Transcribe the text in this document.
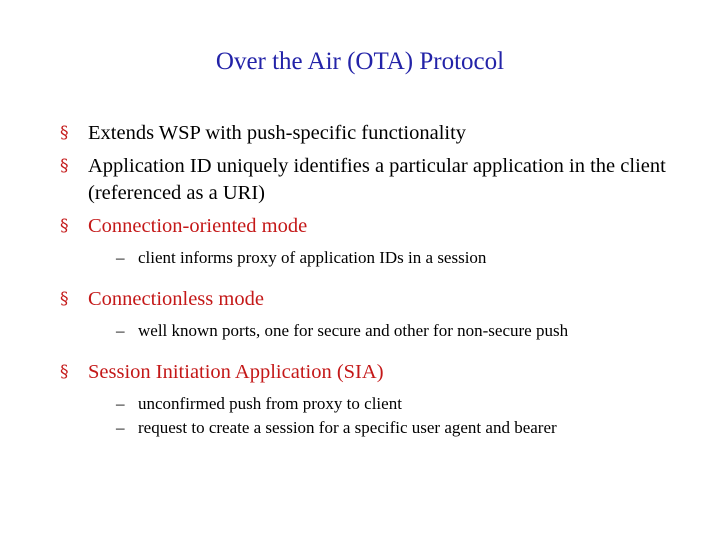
Over the Air (OTA) Protocol
§ Extends WSP with push-specific functionality
§ Application ID uniquely identifies a particular application in the client (referenced as a URI)
§ Connection-oriented mode
– client informs proxy of application IDs in a session
§ Connectionless mode
– well known ports, one for secure and other for non-secure push
§ Session Initiation Application (SIA)
– unconfirmed push from proxy to client
– request to create a session for a specific user agent and bearer
